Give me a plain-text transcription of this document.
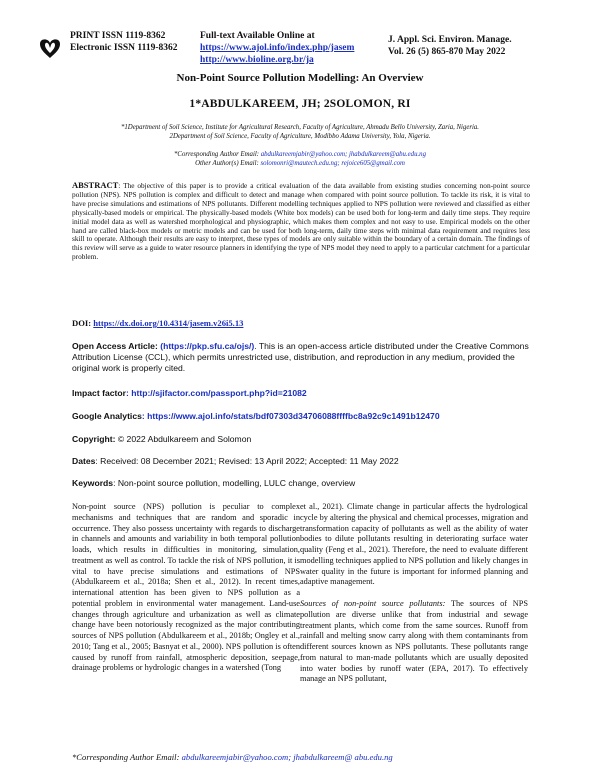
PRINT ISSN 1119-8362
Electronic ISSN 1119-8362
Full-text Available Online at
https://www.ajol.info/index.php/jasem
http://www.bioline.org.br/ja
J. Appl. Sci. Environ. Manage.
Vol. 26 (5) 865-870 May 2022
Non-Point Source Pollution Modelling: An Overview
1*ABDULKAREEM, JH; 2SOLOMON, RI
*1Department of Soil Science, Institute for Agricultural Research, Faculty of Agriculture, Ahmadu Bello University, Zaria, Nigeria.
2Department of Soil Science, Faculty of Agriculture, Modibbo Adama University, Yola, Nigeria.
*Corresponding Author Email: abdulkareemjabir@yahoo.com; jhabdulkareem@abu.edu.ng
Other Author(s) Email: solomonri@mautech.edu.ng; rejoice605@gmail.com
ABSTRACT: The objective of this paper is to provide a critical evaluation of the data available from existing studies concerning non-point source pollution (NPS). NPS pollution is complex and difficult to detect and manage when compared with point source pollution. To tackle its risk, it is vital to have precise simulations and estimations of NPS pollutants. Different modelling techniques applied to NPS pollution were reviewed and classified as either physically-based models or empirical. The physically-based models (White box models) can be used both for long-term and daily time steps. They require initial model data as well as watershed morphological and physiographic, which makes them complex and not easy to use. Empirical models on the other hand are called black-box models or metric models and can be used for both long-term, daily time steps with minimal data requirement and requires less skill to operate. Although their results are easy to interpret, these types of models are only suitable within the boundary of a certain domain. The findings of this review will serve as a guide to water resource planners in identifying the type of NPS model they need to apply to a particular catchment for a particular problem.
DOI: https://dx.doi.org/10.4314/jasem.v26i5.13
Open Access Article: (https://pkp.sfu.ca/ojs/). This is an open-access article distributed under the Creative Commons Attribution License (CCL), which permits unrestricted use, distribution, and reproduction in any medium, provided the original work is properly cited.
Impact factor: http://sjifactor.com/passport.php?id=21082
Google Analytics: https://www.ajol.info/stats/bdf07303d34706088ffffbc8a92c9c1491b12470
Copyright: © 2022 Abdulkareem and Solomon
Dates: Received: 08 December 2021; Revised: 13 April 2022; Accepted: 11 May 2022
Keywords: Non-point source pollution, modelling, LULC change, overview

Non-point source (NPS) pollution is peculiar to complex mechanisms and techniques that are random and sporadic in occurrence. They also possess uncertainty with regards to discharge in channels and amounts and variability in both temporal pollution loads, which results in difficulties in monitoring, simulation, treatment as well as control. To tackle the risk of NPS pollution, it is vital to have precise simulations and estimations of NPS (Abdulkareem et al., 2018a; Shen et al., 2012). In recent times, international attention has been given to NPS pollution as a potential problem in environmental water management. Land-use changes through agriculture and urbanization as well as climate change have been notoriously recognized as the major contributing sources of NPS pollution (Abdulkareem et al., 2018b; Ongley et al., 2010; Tang et al., 2005; Basnyat et al., 2000). NPS pollution is often caused by runoff from rainfall, atmospheric deposition, seepage, drainage problems or hydrologic changes in a watershed (Tong

et al., 2021). Climate change in particular affects the hydrological cycle by altering the physical and chemical processes, migration and transformation capacity of pollutants as well as the ability of water bodies to dilute pollutants resulting in deteriorating surface water quality (Feng et al., 2021). Therefore, the need to evaluate different modelling techniques applied to NPS pollution and likely changes in water quality in the future is important for informed planning and adaptive management.

Sources of non-point source pollutants: The sources of NPS pollution are diverse unlike that from industrial and sewage treatment plants, which come from the same sources. Runoff from rainfall and melting snow carry along with them contaminants from different sources known as NPS pollutants. These pollutants range from natural to man-made pollutants which are usually deposited into water bodies by runoff water (EPA, 2017). To effectively manage an NPS pollutant,

*Corresponding Author Email: abdulkareemjabir@yahoo.com; jhabdulkareem@ abu.edu.ng
